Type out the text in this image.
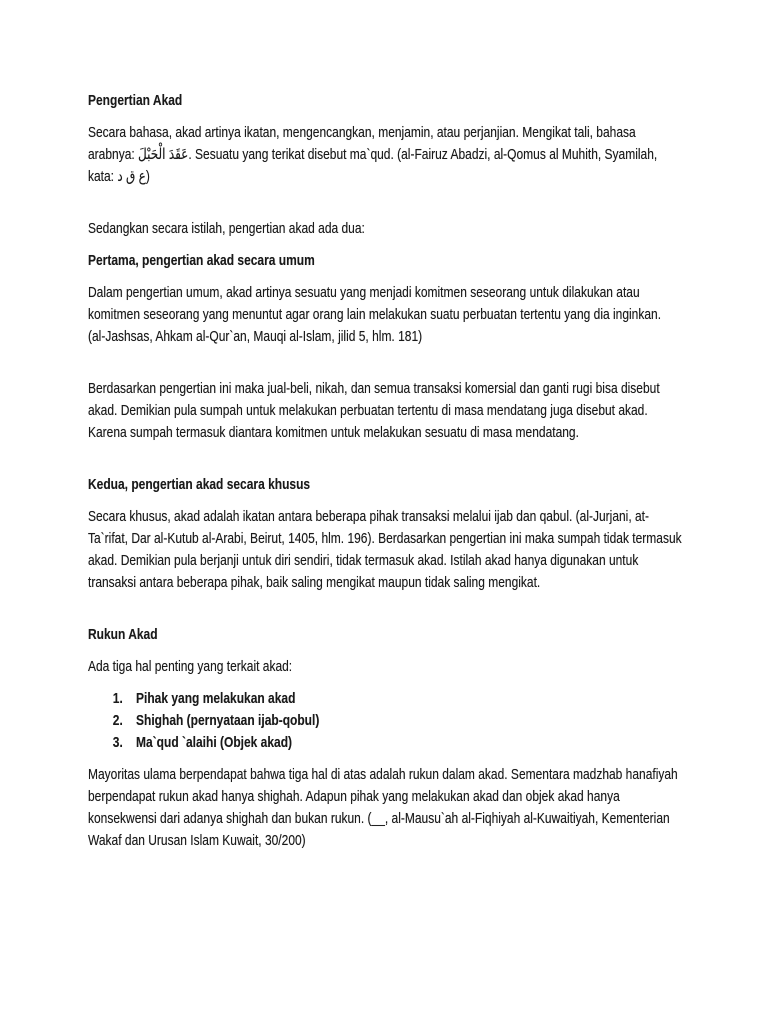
Pengertian Akad

Secara bahasa, akad artinya ikatan, mengencangkan, menjamin, atau perjanjian. Mengikat tali, bahasa arabnya: عَقَدَ الْحَبْلَ. Sesuatu yang terikat disebut ma`qud. (al-Fairuz Abadzi, al-Qomus al Muhith, Syamilah, kata: ع ق د)

Sedangkan secara istilah, pengertian akad ada dua:

Pertama, pengertian akad secara umum

Dalam pengertian umum, akad artinya sesuatu yang menjadi komitmen seseorang untuk dilakukan atau komitmen seseorang yang menuntut agar orang lain melakukan suatu perbuatan tertentu yang dia inginkan.  (al-Jashsas, Ahkam al-Qur`an, Mauqi al-Islam, jilid 5, hlm. 181)

Berdasarkan pengertian ini maka jual-beli, nikah, dan semua transaksi komersial dan ganti rugi bisa disebut akad. Demikian pula sumpah untuk melakukan perbuatan tertentu di masa mendatang juga disebut akad. Karena sumpah termasuk diantara komitmen untuk melakukan sesuatu di masa mendatang.

Kedua, pengertian akad secara khusus

Secara khusus, akad adalah ikatan antara beberapa pihak transaksi melalui ijab dan qabul. (al-Jurjani, at-Ta`rifat, Dar al-Kutub al-Arabi, Beirut, 1405, hlm. 196). Berdasarkan pengertian ini maka sumpah tidak termasuk akad. Demikian pula berjanji untuk diri sendiri, tidak termasuk akad. Istilah akad hanya digunakan untuk transaksi antara beberapa pihak, baik saling mengikat maupun tidak saling mengikat.

Rukun Akad

Ada tiga hal penting yang terkait akad:

1. Pihak yang melakukan akad
2. Shighah (pernyataan ijab-qobul)
3. Ma`qud `alaihi (Objek akad)

Mayoritas ulama berpendapat bahwa tiga hal di atas adalah rukun dalam akad. Sementara madzhab hanafiyah berpendapat rukun akad hanya shighah. Adapun pihak yang melakukan akad dan objek akad hanya konsekwensi dari adanya shighah dan bukan rukun. (__, al-Mausu`ah al-Fiqhiyah al-Kuwaitiyah, Kementerian Wakaf dan Urusan Islam Kuwait, 30/200)
